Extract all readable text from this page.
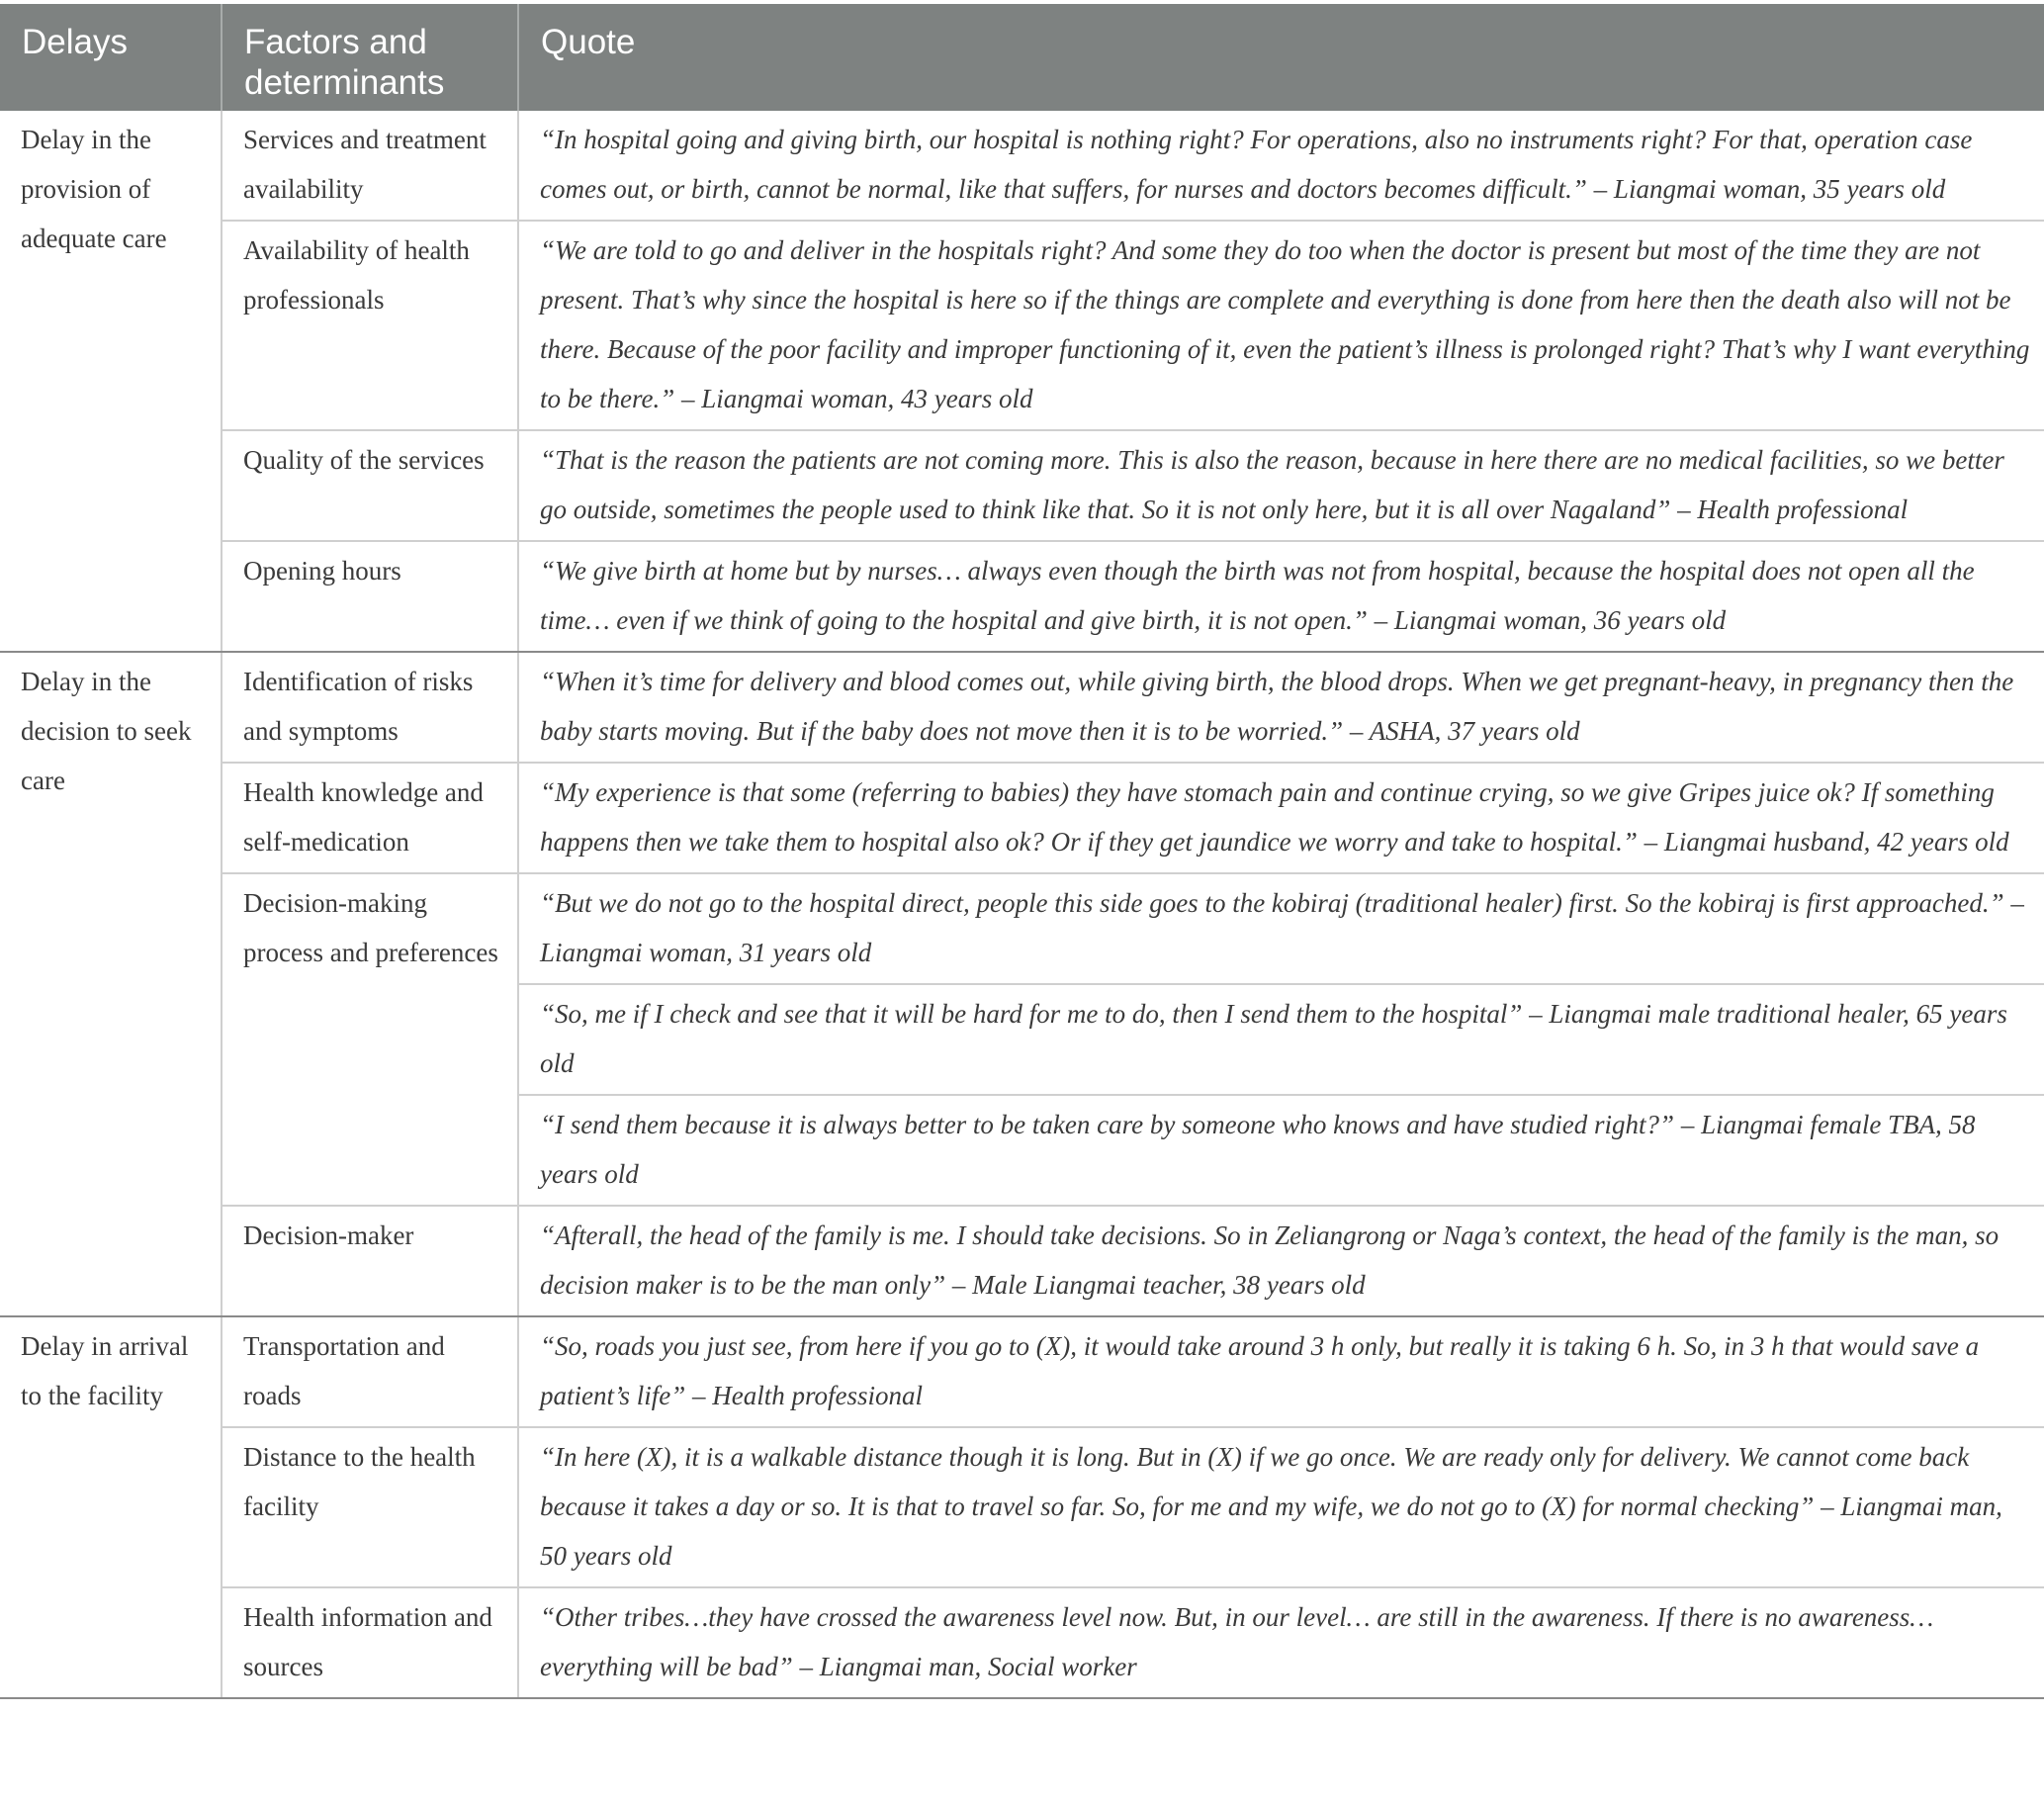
Delays	Factors and determinants	Quote
Delay in the provision of adequate care	Services and treatment availability	“In hospital going and giving birth, our hospital is nothing right? For operations, also no instruments right? For that, operation case comes out, or birth, cannot be normal, like that suffers, for nurses and doctors becomes difficult.” – Liangmai woman, 35 years old
	Availability of health professionals	“We are told to go and deliver in the hospitals right? And some they do too when the doctor is present but most of the time they are not present. That’s why since the hospital is here so if the things are complete and everything is done from here then the death also will not be there. Because of the poor facility and improper functioning of it, even the patient’s illness is prolonged right? That’s why I want everything to be there.” – Liangmai woman, 43 years old
	Quality of the services	“That is the reason the patients are not coming more. This is also the reason, because in here there are no medical facilities, so we better go outside, sometimes the people used to think like that. So it is not only here, but it is all over Nagaland” – Health professional
	Opening hours	“We give birth at home but by nurses… always even though the birth was not from hospital, because the hospital does not open all the time… even if we think of going to the hospital and give birth, it is not open.” – Liangmai woman, 36 years old
Delay in the decision to seek care	Identification of risks and symptoms	“When it’s time for delivery and blood comes out, while giving birth, the blood drops. When we get pregnant-heavy, in pregnancy then the baby starts moving. But if the baby does not move then it is to be worried.” – ASHA, 37 years old
	Health knowledge and self-medication	“My experience is that some (referring to babies) they have stomach pain and continue crying, so we give Gripes juice ok? If something happens then we take them to hospital also ok? Or if they get jaundice we worry and take to hospital.” – Liangmai husband, 42 years old
	Decision-making process and preferences	“But we do not go to the hospital direct, people this side goes to the kobiraj (traditional healer) first. So the kobiraj is first approached.” – Liangmai woman, 31 years old
		“So, me if I check and see that it will be hard for me to do, then I send them to the hospital” – Liangmai male traditional healer, 65 years old
		“I send them because it is always better to be taken care by someone who knows and have studied right?” – Liangmai female TBA, 58 years old
	Decision-maker	“Afterall, the head of the family is me. I should take decisions. So in Zeliangrong or Naga’s context, the head of the family is the man, so decision maker is to be the man only” – Male Liangmai teacher, 38 years old
Delay in arrival to the facility	Transportation and roads	“So, roads you just see, from here if you go to (X), it would take around 3 h only, but really it is taking 6 h. So, in 3 h that would save a patient’s life” – Health professional
	Distance to the health facility	“In here (X), it is a walkable distance though it is long. But in (X) if we go once. We are ready only for delivery. We cannot come back because it takes a day or so. It is that to travel so far. So, for me and my wife, we do not go to (X) for normal checking” – Liangmai man, 50 years old
	Health information and sources	“Other tribes…they have crossed the awareness level now. But, in our level… are still in the awareness. If there is no awareness… everything will be bad” – Liangmai man, Social worker
